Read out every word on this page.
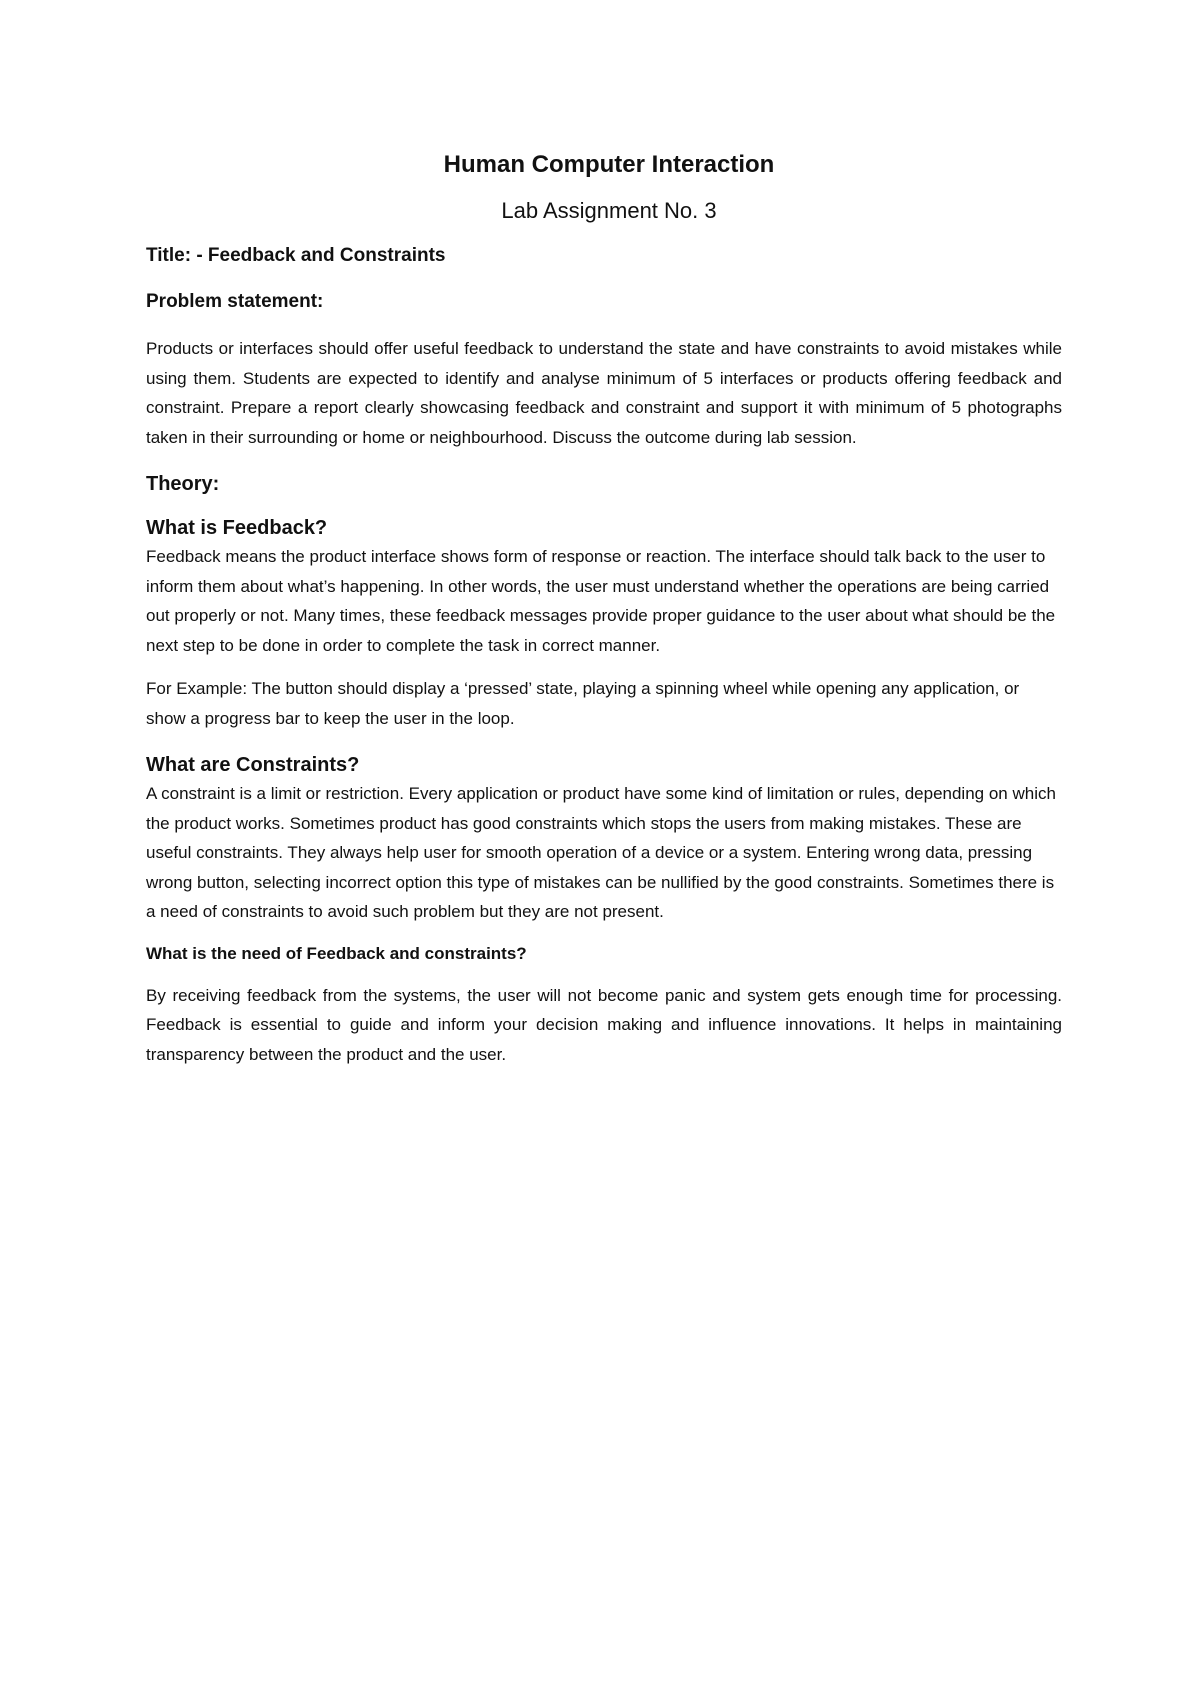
Human Computer Interaction
Lab Assignment No. 3
Title: - Feedback and Constraints
Problem statement:

Products or interfaces should offer useful feedback to understand the state and have constraints to avoid mistakes while using them. Students are expected to identify and analyse minimum of 5 interfaces or products offering feedback and constraint. Prepare a report clearly showcasing feedback and constraint and support it with minimum of 5 photographs taken in their surrounding or home or neighbourhood. Discuss the outcome during lab session.

Theory:
What is Feedback?

Feedback means the product interface shows form of response or reaction. The interface should talk back to the user to inform them about what’s happening. In other words, the user must understand whether the operations are being carried out properly or not. Many times, these feedback messages provide proper guidance to the user about what should be the next step to be done in order to complete the task in correct manner.

For Example: The button should display a ‘pressed’ state, playing a spinning wheel while opening any application, or show a progress bar to keep the user in the loop.

What are Constraints?

A constraint is a limit or restriction. Every application or product have some kind of limitation or rules, depending on which the product works. Sometimes product has good constraints which stops the users from making mistakes. These are useful constraints. They always help user for smooth operation of a device or a system. Entering wrong data, pressing wrong button, selecting incorrect option this type of mistakes can be nullified by the good constraints. Sometimes there is a need of constraints to avoid such problem but they are not present.

What is the need of Feedback and constraints?

By receiving feedback from the systems, the user will not become panic and system gets enough time for processing. Feedback is essential to guide and inform your decision making and influence innovations. It helps in maintaining transparency between the product and the user.
